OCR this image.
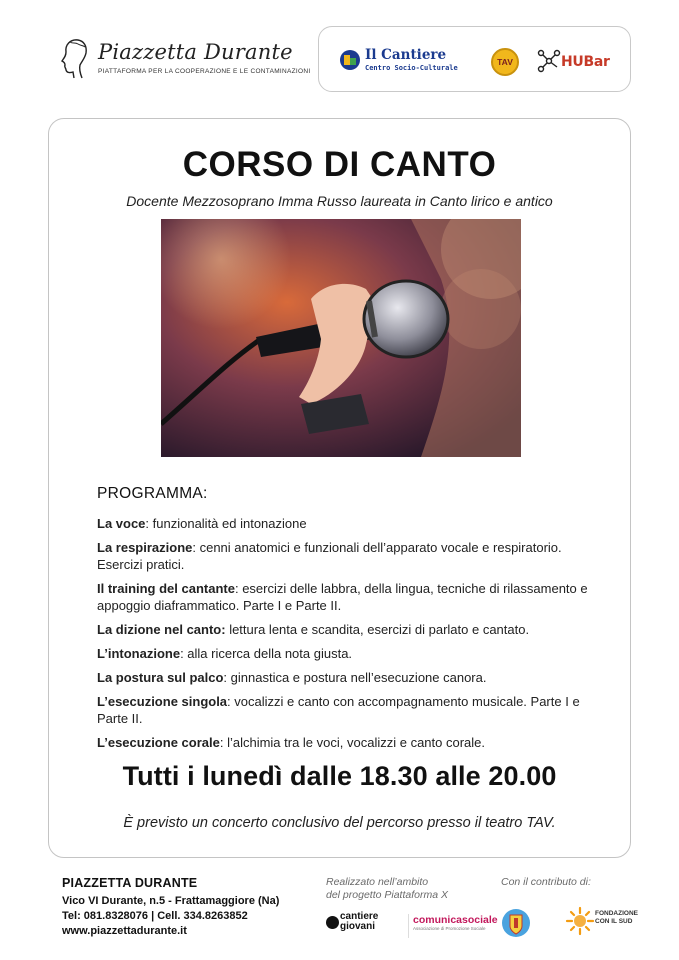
Piazzetta Durante
PIATTAFORMA PER LA COOPERAZIONE E LE CONTAMINAZIONI
Il Cantiere
Centro Socio-Culturale
TAV	HUBar
CORSO DI CANTO
Docente Mezzosoprano Imma Russo laureata in Canto lirico e antico
PROGRAMMA:
La voce: funzionalità ed intonazione
La respirazione: cenni anatomici e funzionali dell’apparato vocale e respiratorio. Esercizi pratici.
Il training del cantante: esercizi delle labbra, della lingua, tecniche di rilassamento e appoggio diaframmatico. Parte I e Parte II.
La dizione nel canto: lettura lenta e scandita, esercizi di parlato e cantato.
L’intonazione: alla ricerca della nota giusta.
La postura sul palco: ginnastica e postura nell’esecuzione canora.
L’esecuzione singola: vocalizzi e canto con accompagnamento musicale. Parte I e Parte II.
L’esecuzione corale: l’alchimia tra le voci, vocalizzi e canto corale.
Tutti i lunedì dalle 18.30 alle 20.00
È previsto un concerto conclusivo del percorso presso il teatro TAV.
PIAZZETTA DURANTE
Vico VI Durante, n.5 - Frattamaggiore (Na)
Tel: 081.8328076 | Cell. 334.8263852
www.piazzettadurante.it
Realizzato nell’ambito
del progetto Piattaforma X
cantiere
giovani
comunicasociale
Associazione di Promozione Sociale
Con il contributo di:
FONDAZIONE
CON IL SUD
